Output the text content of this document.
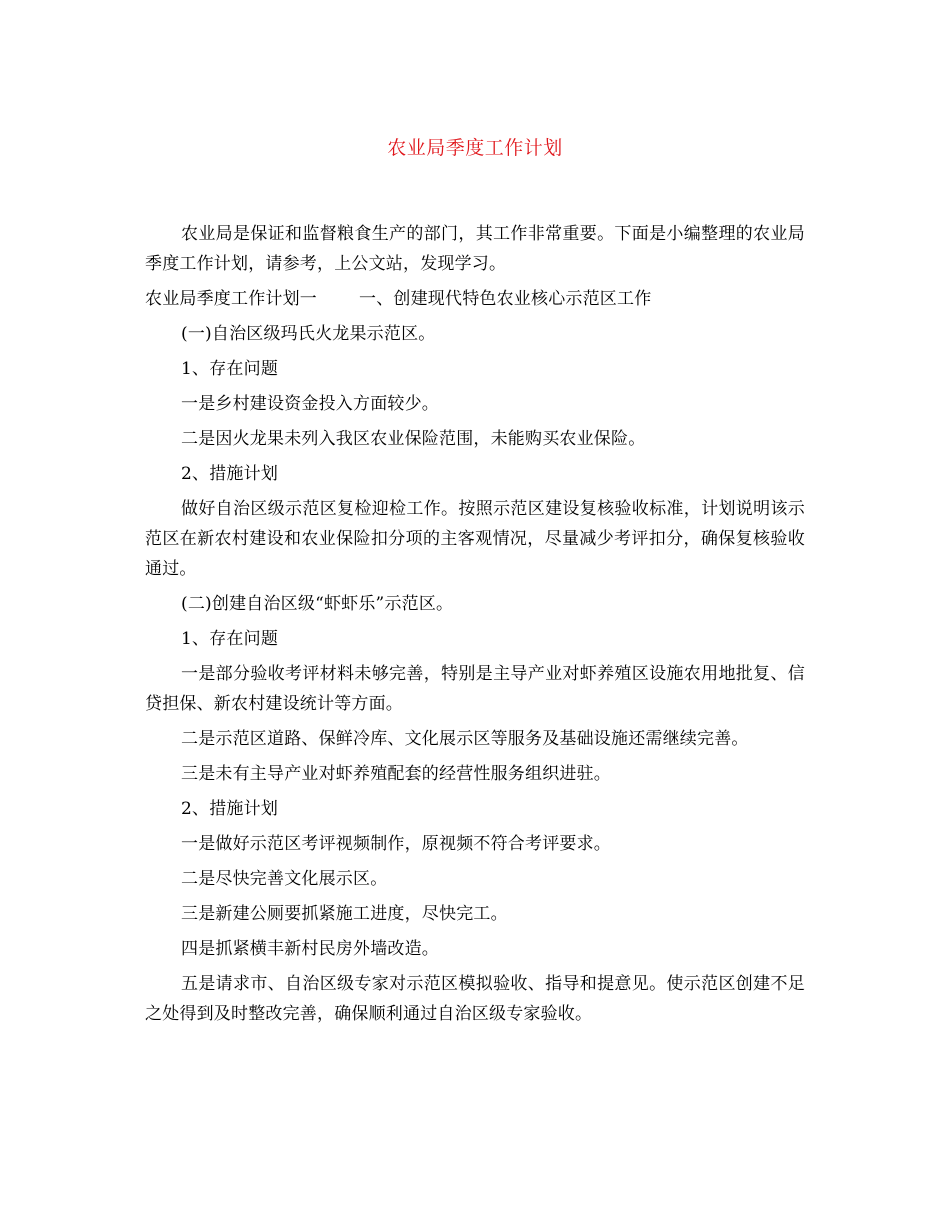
农业局季度工作计划

农业局是保证和监督粮食生产的部门，其工作非常重要。下面是小编整理的农业局季度工作计划，请参考，上公文站，发现学习。

农业局季度工作计划一 一、创建现代特色农业核心示范区工作

(一)自治区级玛氏火龙果示范区。

1、存在问题

一是乡村建设资金投入方面较少。

二是因火龙果未列入我区农业保险范围，未能购买农业保险。

2、措施计划

做好自治区级示范区复检迎检工作。按照示范区建设复核验收标准，计划说明该示范区在新农村建设和农业保险扣分项的主客观情况，尽量减少考评扣分，确保复核验收通过。

(二)创建自治区级“虾虾乐”示范区。

1、存在问题

一是部分验收考评材料未够完善，特别是主导产业对虾养殖区设施农用地批复、信贷担保、新农村建设统计等方面。

二是示范区道路、保鲜冷库、文化展示区等服务及基础设施还需继续完善。

三是未有主导产业对虾养殖配套的经营性服务组织进驻。

2、措施计划

一是做好示范区考评视频制作，原视频不符合考评要求。

二是尽快完善文化展示区。

三是新建公厕要抓紧施工进度，尽快完工。

四是抓紧横丰新村民房外墙改造。

五是请求市、自治区级专家对示范区模拟验收、指导和提意见。使示范区创建不足之处得到及时整改完善，确保顺利通过自治区级专家验收。
